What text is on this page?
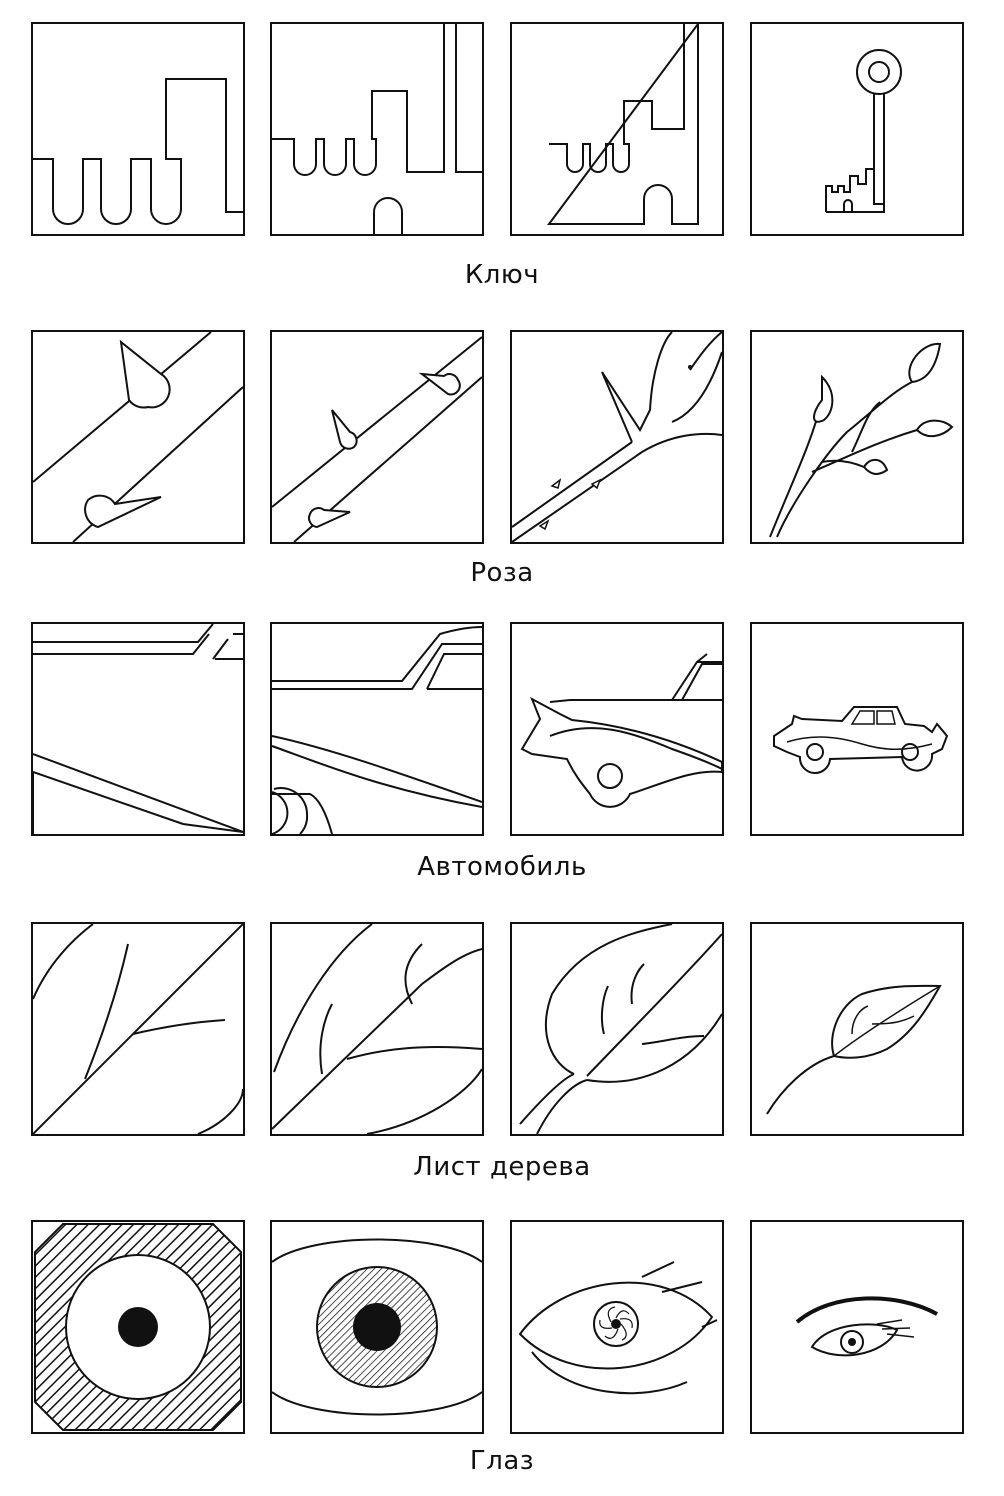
Ключ
Роза
Автомобиль
Лист дерева
Глаз
